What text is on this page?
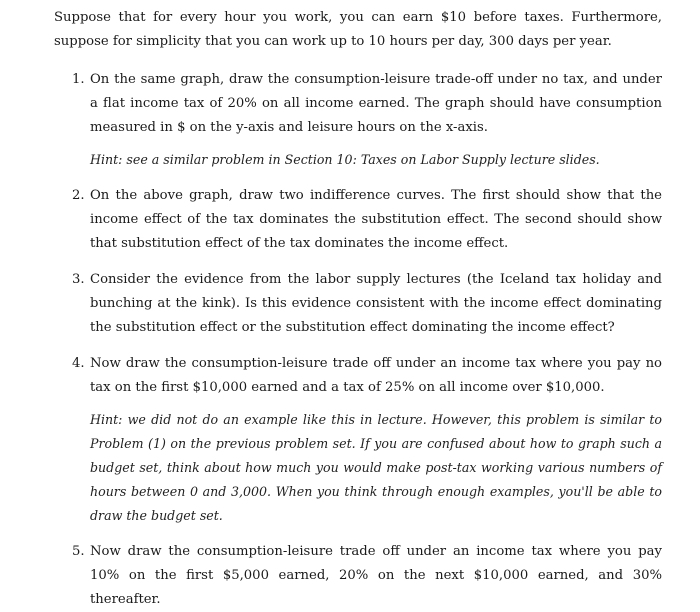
Suppose that for every hour you work, you can earn $10 before taxes. Furthermore, suppose for simplicity that you can work up to 10 hours per day, 300 days per year.

1. On the same graph, draw the consumption-leisure trade-off under no tax, and under a flat income tax of 20% on all income earned. The graph should have consumption measured in $ on the y-axis and leisure hours on the x-axis.

Hint: see a similar problem in Section 10: Taxes on Labor Supply lecture slides.

2. On the above graph, draw two indifference curves. The first should show that the income effect of the tax dominates the substitution effect. The second should show that substitution effect of the tax dominates the income effect.

3. Consider the evidence from the labor supply lectures (the Iceland tax holiday and bunching at the kink). Is this evidence consistent with the income effect dominating the substitution effect or the substitution effect dominating the income effect?

4. Now draw the consumption-leisure trade off under an income tax where you pay no tax on the first $10,000 earned and a tax of 25% on all income over $10,000.

Hint: we did not do an example like this in lecture. However, this problem is similar to Problem (1) on the previous problem set. If you are confused about how to graph such a budget set, think about how much you would make post-tax working various numbers of hours between 0 and 3,000. When you think through enough examples, you'll be able to draw the budget set.

5. Now draw the consumption-leisure trade off under an income tax where you pay 10% on the first $5,000 earned, 20% on the next $10,000 earned, and 30% thereafter.
